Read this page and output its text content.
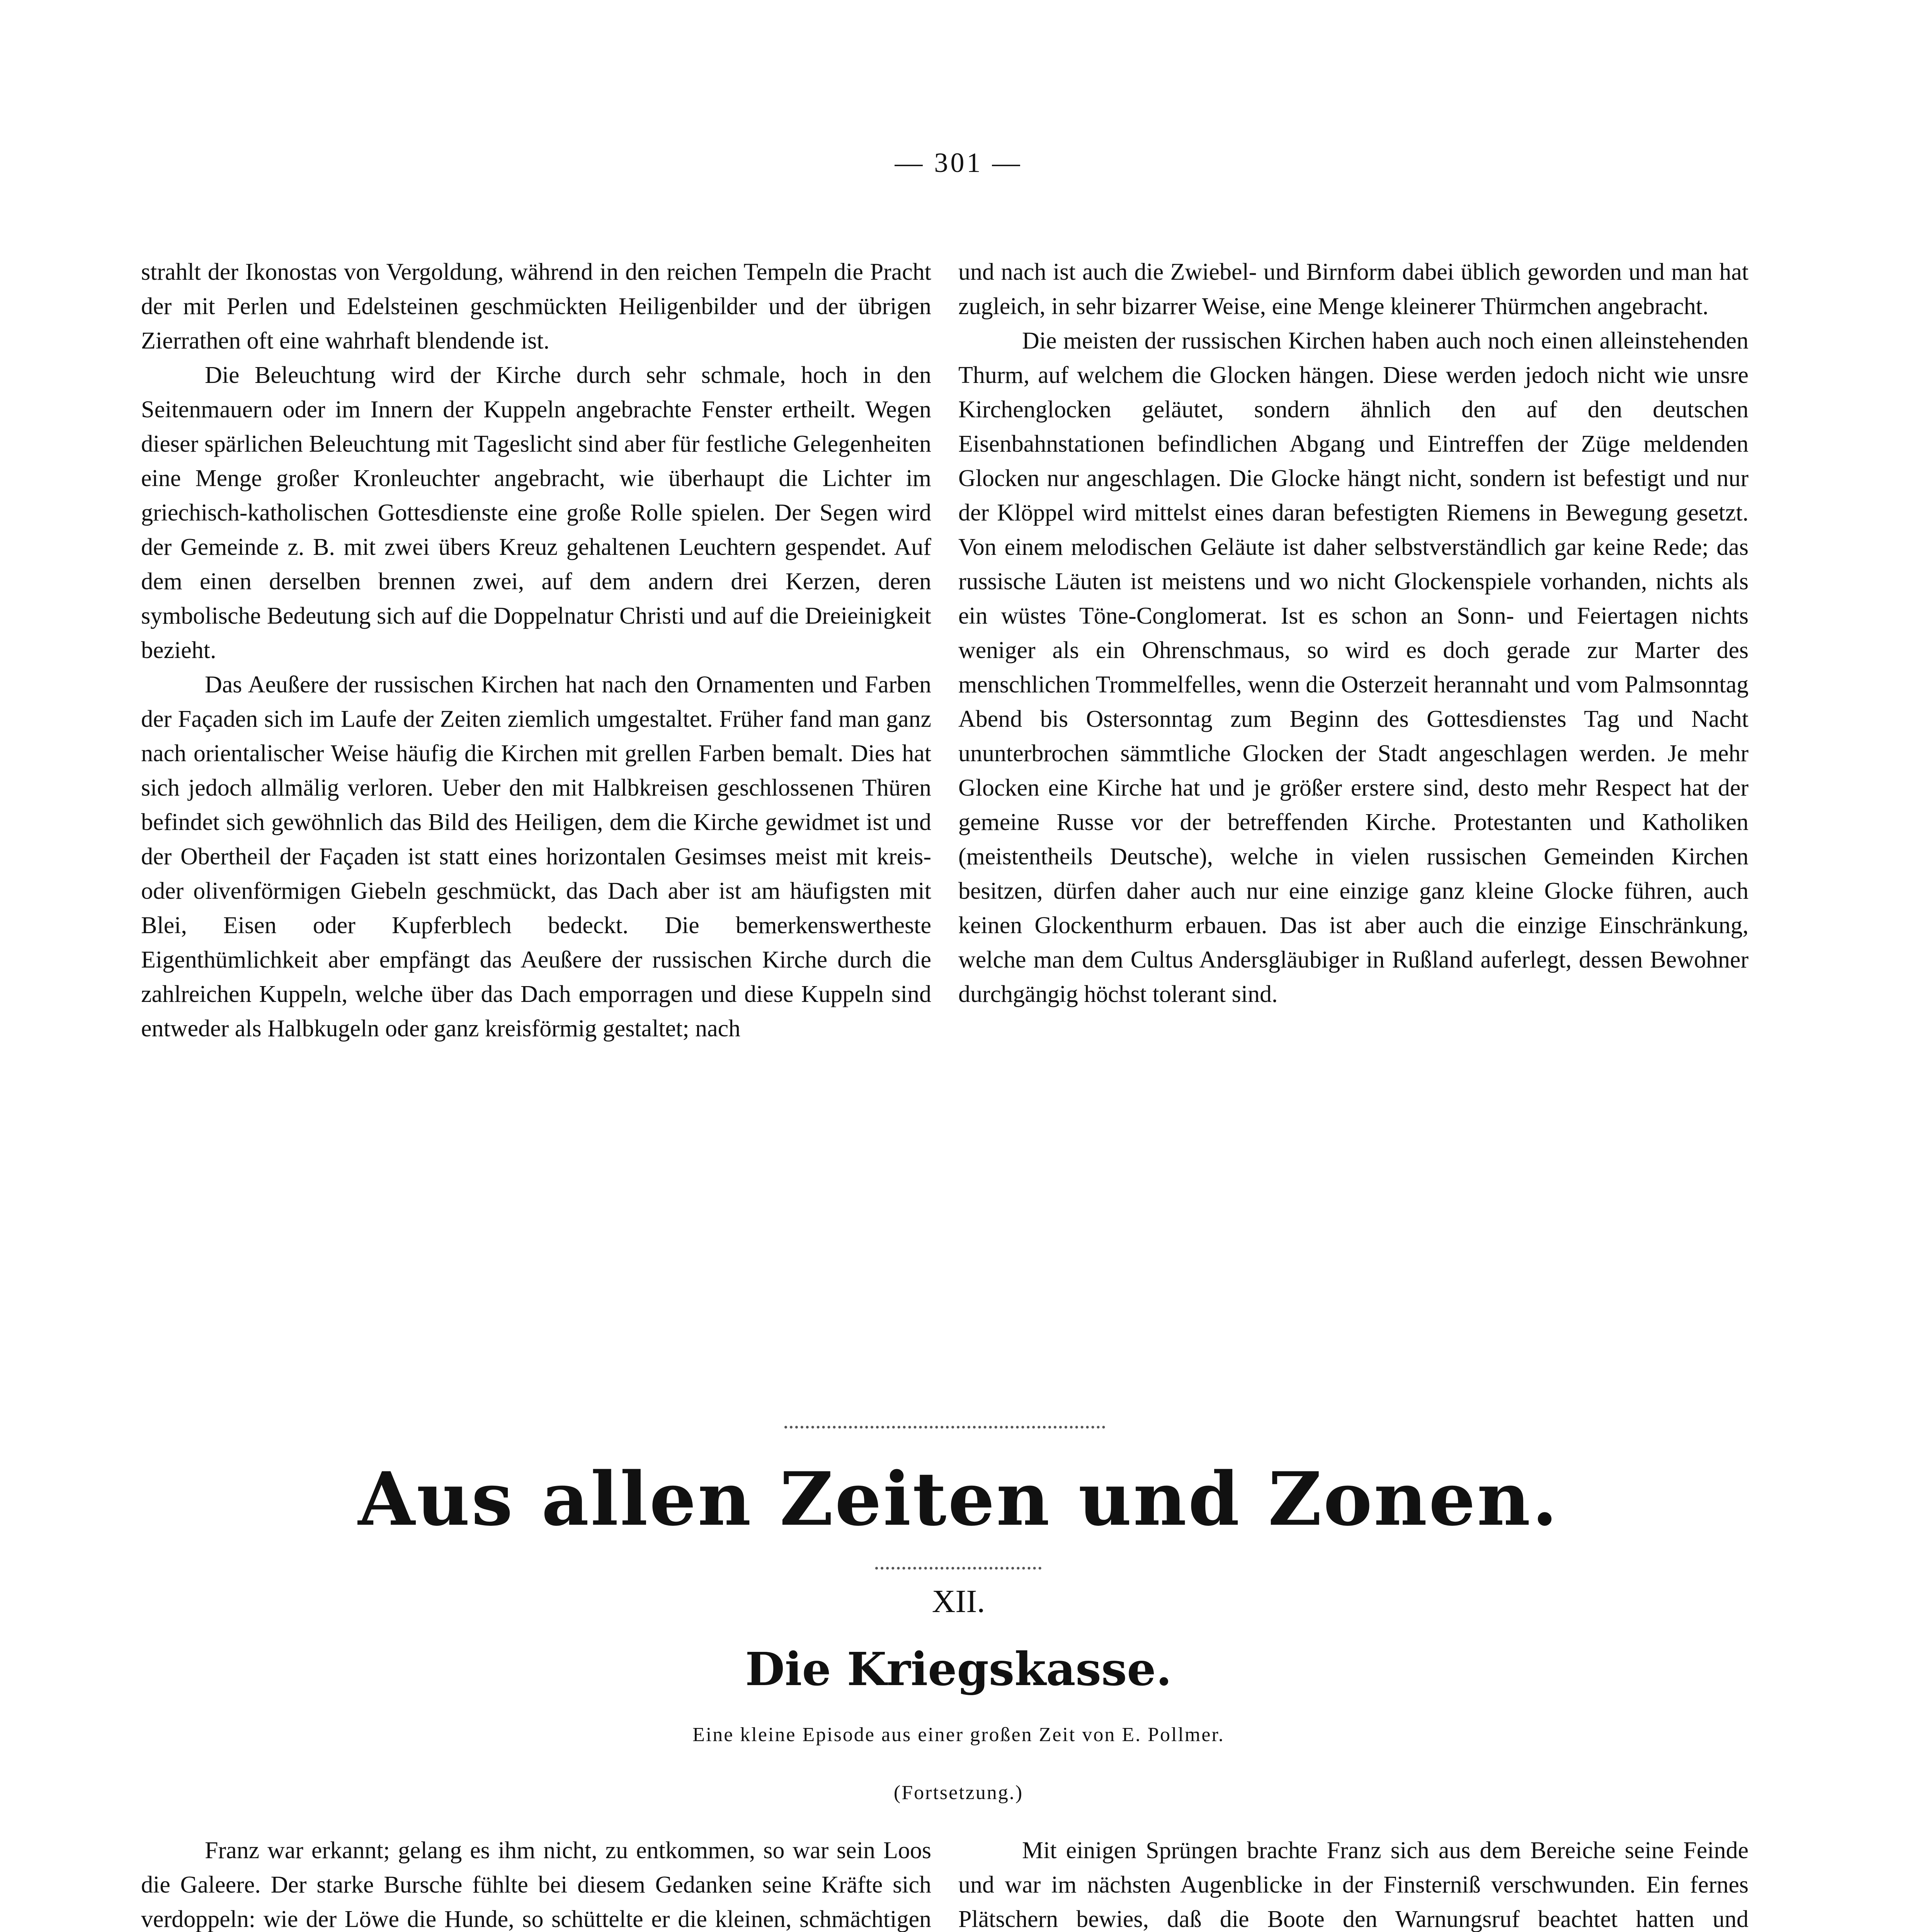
— 301 —

strahlt der Ikonostas von Vergoldung, während in den reichen Tempeln die Pracht der mit Perlen und Edelsteinen geschmückten Heiligenbilder und der übrigen Zierrathen oft eine wahrhaft blendende ist.

Die Beleuchtung wird der Kirche durch sehr schmale, hoch in den Seitenmauern oder im Innern der Kuppeln angebrachte Fenster ertheilt. Wegen dieser spärlichen Beleuchtung mit Tageslicht sind aber für festliche Gelegenheiten eine Menge großer Kronleuchter angebracht, wie überhaupt die Lichter im griechisch-katholischen Gottesdienste eine große Rolle spielen. Der Segen wird der Gemeinde z. B. mit zwei übers Kreuz gehaltenen Leuchtern gespendet. Auf dem einen derselben brennen zwei, auf dem andern drei Kerzen, deren symbolische Bedeutung sich auf die Doppelnatur Christi und auf die Dreieinigkeit bezieht.

Das Aeußere der russischen Kirchen hat nach den Ornamenten und Farben der Façaden sich im Laufe der Zeiten ziemlich umgestaltet. Früher fand man ganz nach orientalischer Weise häufig die Kirchen mit grellen Farben bemalt. Dies hat sich jedoch allmälig verloren. Ueber den mit Halbkreisen geschlossenen Thüren befindet sich gewöhnlich das Bild des Heiligen, dem die Kirche gewidmet ist und der Obertheil der Façaden ist statt eines horizontalen Gesimses meist mit kreis- oder olivenförmigen Giebeln geschmückt, das Dach aber ist am häufigsten mit Blei, Eisen oder Kupferblech bedeckt. Die bemerkenswertheste Eigenthümlichkeit aber empfängt das Aeußere der russischen Kirche durch die zahlreichen Kuppeln, welche über das Dach emporragen und diese Kuppeln sind entweder als Halbkugeln oder ganz kreisförmig gestaltet; nach

und nach ist auch die Zwiebel- und Birnform dabei üblich geworden und man hat zugleich, in sehr bizarrer Weise, eine Menge kleinerer Thürmchen angebracht.

Die meisten der russischen Kirchen haben auch noch einen alleinstehenden Thurm, auf welchem die Glocken hängen. Diese werden jedoch nicht wie unsre Kirchenglocken geläutet, sondern ähnlich den auf den deutschen Eisenbahnstationen befindlichen Abgang und Eintreffen der Züge meldenden Glocken nur angeschlagen. Die Glocke hängt nicht, sondern ist befestigt und nur der Klöppel wird mittelst eines daran befestigten Riemens in Bewegung gesetzt. Von einem melodischen Geläute ist daher selbstverständlich gar keine Rede; das russische Läuten ist meistens und wo nicht Glockenspiele vorhanden, nichts als ein wüstes Töne-Conglomerat. Ist es schon an Sonn- und Feiertagen nichts weniger als ein Ohrenschmaus, so wird es doch gerade zur Marter des menschlichen Trommelfelles, wenn die Osterzeit herannaht und vom Palmsonntag Abend bis Ostersonntag zum Beginn des Gottesdienstes Tag und Nacht ununterbrochen sämmtliche Glocken der Stadt angeschlagen werden. Je mehr Glocken eine Kirche hat und je größer erstere sind, desto mehr Respect hat der gemeine Russe vor der betreffenden Kirche. Protestanten und Katholiken (meistentheils Deutsche), welche in vielen russischen Gemeinden Kirchen besitzen, dürfen daher auch nur eine einzige ganz kleine Glocke führen, auch keinen Glockenthurm erbauen. Das ist aber auch die einzige Einschränkung, welche man dem Cultus Andersgläubiger in Rußland auferlegt, dessen Bewohner durchgängig höchst tolerant sind.

Aus allen Zeiten und Zonen.
XII.
Die Kriegskasse.
Eine kleine Episode aus einer großen Zeit von E. Pollmer.
(Fortsetzung.)

Franz war erkannt; gelang es ihm nicht, zu entkommen, so war sein Loos die Galeere. Der starke Bursche fühlte bei diesem Gedanken seine Kräfte sich verdoppeln: wie der Löwe die Hunde, so schüttelte er die kleinen, schmächtigen

Mit einigen Sprüngen brachte Franz sich aus dem Bereiche seine Feinde und war im nächsten Augenblicke in der Finsterniß verschwunden. Ein fernes Plätschern bewies, daß die Boote den Warnungsruf beachtet hatten und
